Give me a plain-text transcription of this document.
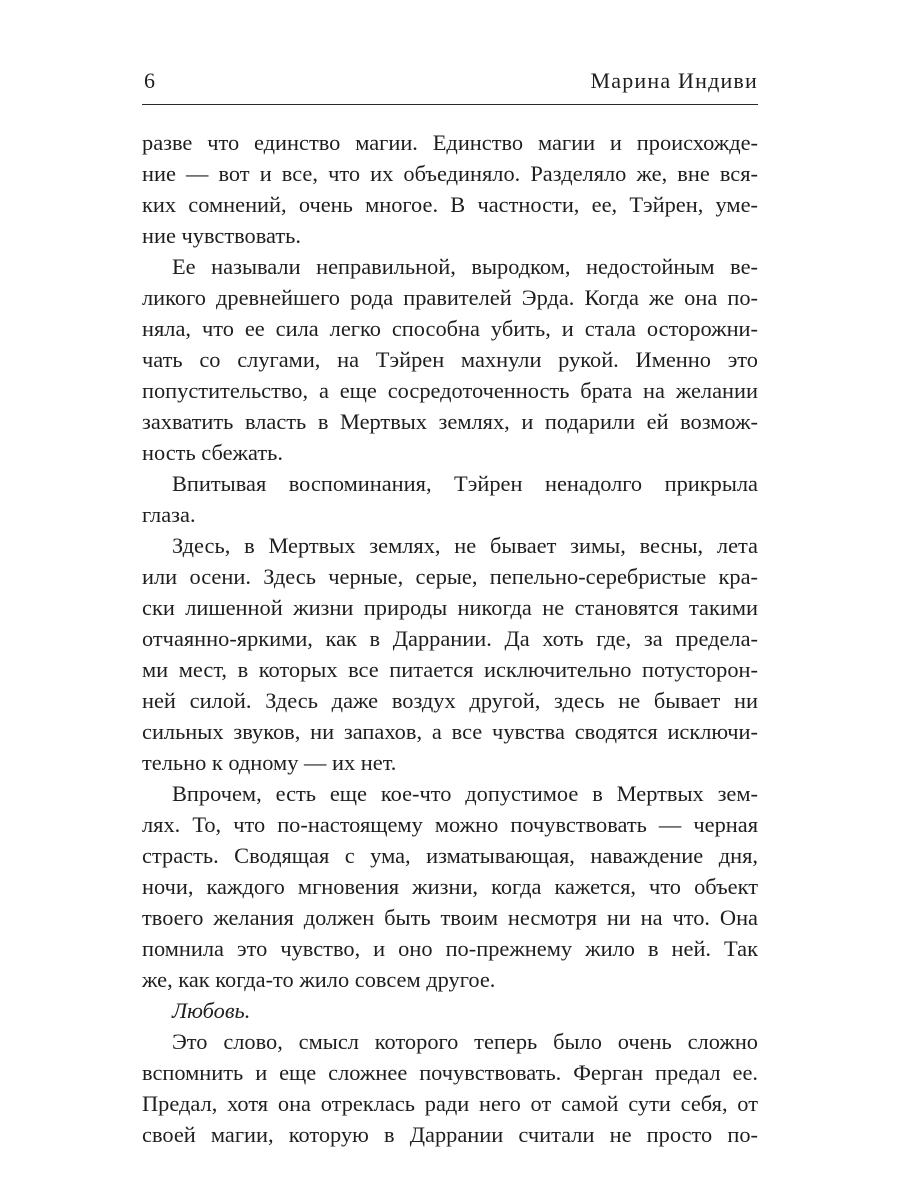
6	Марина Индиви

разве что единство магии. Единство магии и происхожде-
ние — вот и все, что их объединяло. Разделяло же, вне вся-
ких сомнений, очень многое. В частности, ее, Тэйрен, уме-
ние чувствовать.

Ее называли неправильной, выродком, недостойным ве-
ликого древнейшего рода правителей Эрда. Когда же она по-
няла, что ее сила легко способна убить, и стала осторожни-
чать со слугами, на Тэйрен махнули рукой. Именно это
попустительство, а еще сосредоточенность брата на желании
захватить власть в Мертвых землях, и подарили ей возмож-
ность сбежать.

Впитывая воспоминания, Тэйрен ненадолго прикрыла
глаза.

Здесь, в Мертвых землях, не бывает зимы, весны, лета
или осени. Здесь черные, серые, пепельно-серебристые кра-
ски лишенной жизни природы никогда не становятся такими
отчаянно-яркими, как в Даррании. Да хоть где, за предела-
ми мест, в которых все питается исключительно потусторон-
ней силой. Здесь даже воздух другой, здесь не бывает ни
сильных звуков, ни запахов, а все чувства сводятся исключи-
тельно к одному — их нет.

Впрочем, есть еще кое-что допустимое в Мертвых зем-
лях. То, что по-настоящему можно почувствовать — черная
страсть. Сводящая с ума, изматывающая, наваждение дня,
ночи, каждого мгновения жизни, когда кажется, что объект
твоего желания должен быть твоим несмотря ни на что. Она
помнила это чувство, и оно по-прежнему жило в ней. Так
же, как когда-то жило совсем другое.

Любовь.

Это слово, смысл которого теперь было очень сложно
вспомнить и еще сложнее почувствовать. Ферган предал ее.
Предал, хотя она отреклась ради него от самой сути себя, от
своей магии, которую в Даррании считали не просто по-
